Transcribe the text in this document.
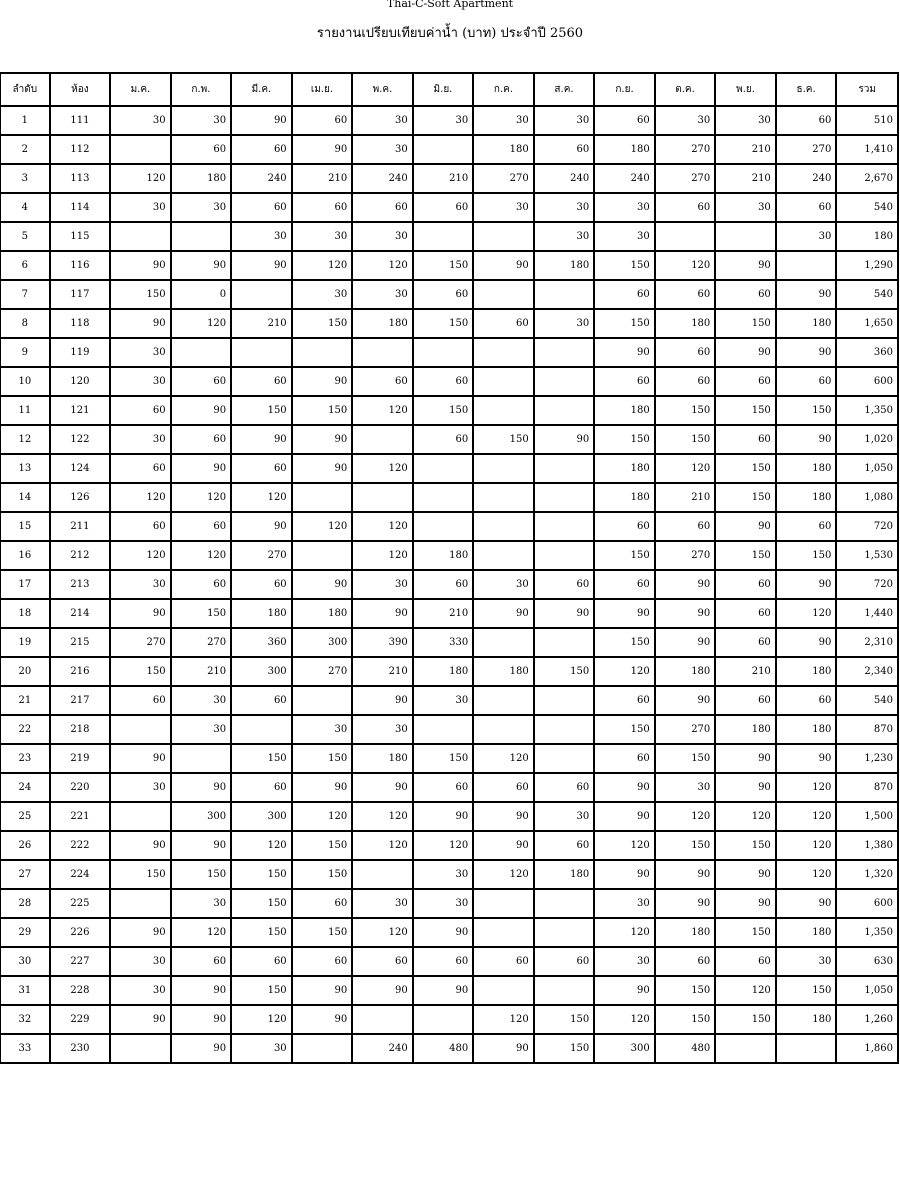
Thai-C-Soft Apartment
รายงานเปรียบเทียบค่าน้ำ (บาท) ประจำปี 2560
ลำดับ	ห้อง	ม.ค.	ก.พ.	มี.ค.	เม.ย.	พ.ค.	มิ.ย.	ก.ค.	ส.ค.	ก.ย.	ต.ค.	พ.ย.	ธ.ค.	รวม
1	111	30	30	90	60	30	30	30	30	60	30	30	60	510
2	112		60	60	90	30		180	60	180	270	210	270	1,410
3	113	120	180	240	210	240	210	270	240	240	270	210	240	2,670
4	114	30	30	60	60	60	60	30	30	30	60	30	60	540
5	115			30	30	30			30	30			30	180
6	116	90	90	90	120	120	150	90	180	150	120	90		1,290
7	117	150	0		30	30	60			60	60	60	90	540
8	118	90	120	210	150	180	150	60	30	150	180	150	180	1,650
9	119	30								90	60	90	90	360
10	120	30	60	60	90	60	60			60	60	60	60	600
11	121	60	90	150	150	120	150			180	150	150	150	1,350
12	122	30	60	90	90		60	150	90	150	150	60	90	1,020
13	124	60	90	60	90	120				180	120	150	180	1,050
14	126	120	120	120						180	210	150	180	1,080
15	211	60	60	90	120	120				60	60	90	60	720
16	212	120	120	270		120	180			150	270	150	150	1,530
17	213	30	60	60	90	30	60	30	60	60	90	60	90	720
18	214	90	150	180	180	90	210	90	90	90	90	60	120	1,440
19	215	270	270	360	300	390	330			150	90	60	90	2,310
20	216	150	210	300	270	210	180	180	150	120	180	210	180	2,340
21	217	60	30	60		90	30			60	90	60	60	540
22	218		30		30	30				150	270	180	180	870
23	219	90		150	150	180	150	120		60	150	90	90	1,230
24	220	30	90	60	90	90	60	60	60	90	30	90	120	870
25	221		300	300	120	120	90	90	30	90	120	120	120	1,500
26	222	90	90	120	150	120	120	90	60	120	150	150	120	1,380
27	224	150	150	150	150		30	120	180	90	90	90	120	1,320
28	225		30	150	60	30	30			30	90	90	90	600
29	226	90	120	150	150	120	90			120	180	150	180	1,350
30	227	30	60	60	60	60	60	60	60	30	60	60	30	630
31	228	30	90	150	90	90	90			90	150	120	150	1,050
32	229	90	90	120	90			120	150	120	150	150	180	1,260
33	230		90	30		240	480	90	150	300	480			1,860
